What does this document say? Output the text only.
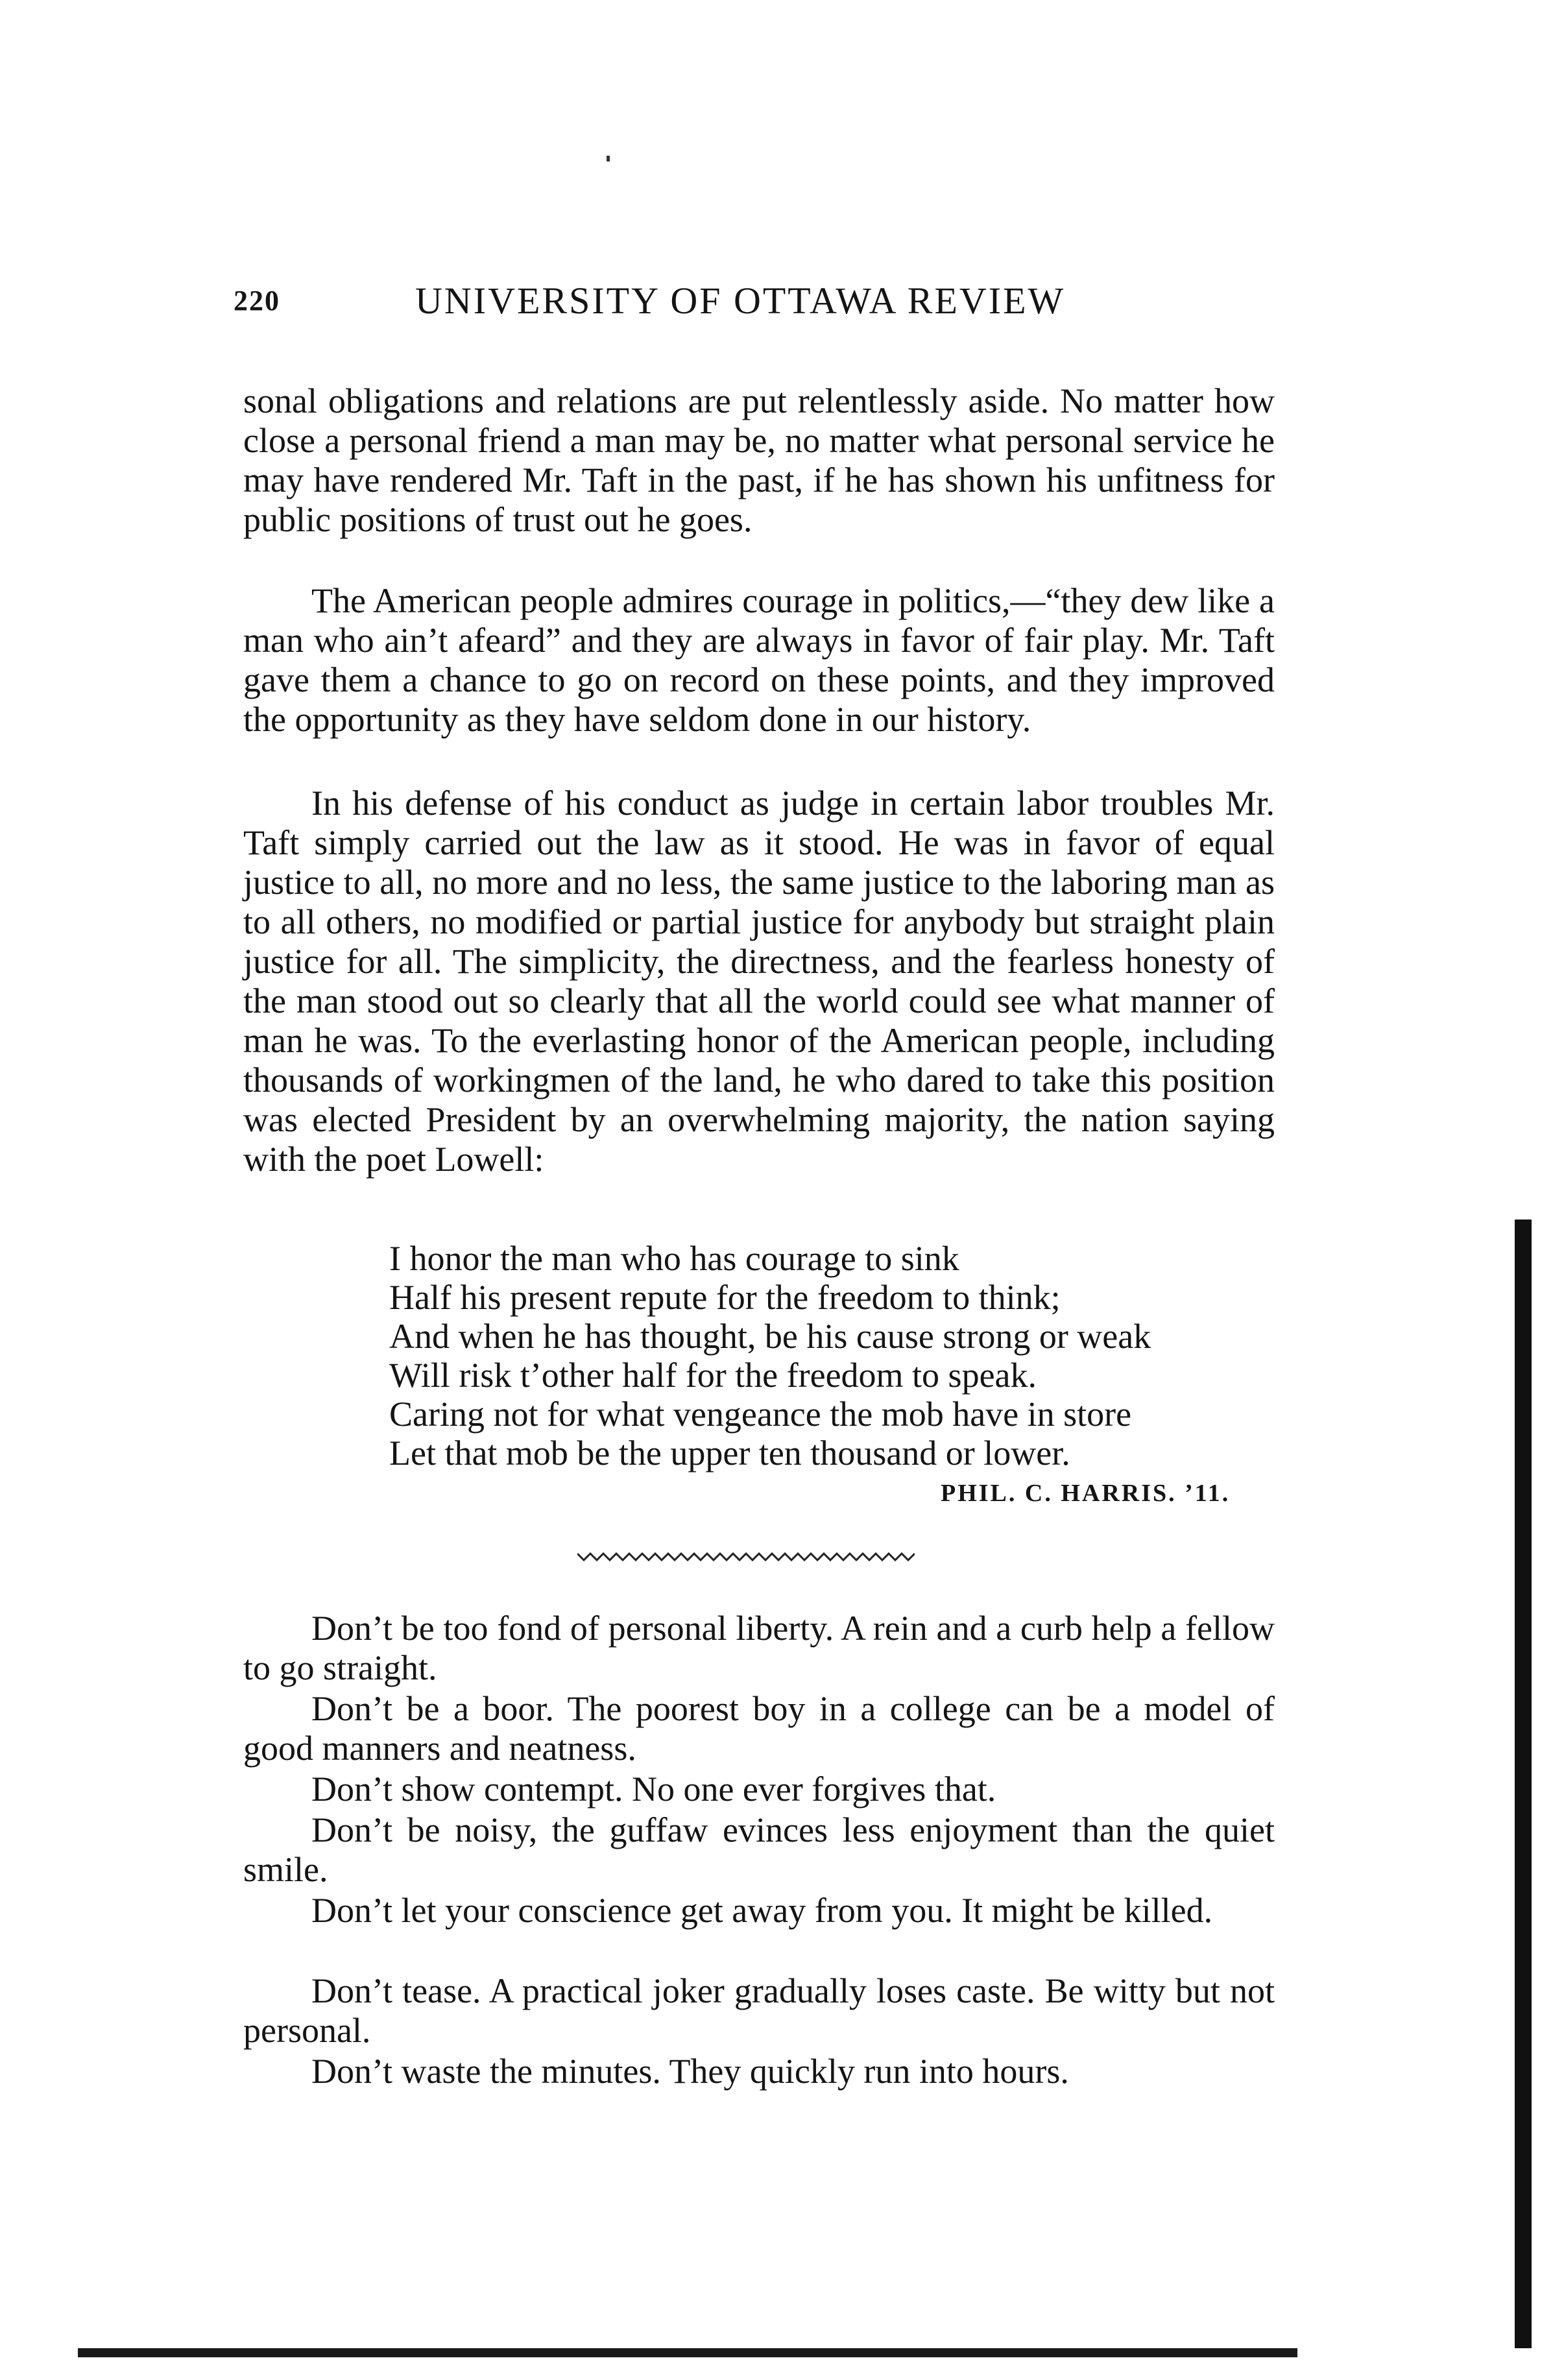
220	UNIVERSITY OF OTTAWA REVIEW

sonal obligations and relations are put relentlessly aside. No matter how close a personal friend a man may be, no matter what personal service he may have rendered Mr. Taft in the past, if he has shown his unfitness for public positions of trust out he goes.

The American people admires courage in politics,—“they dew like a man who ain’t afeard” and they are always in favor of fair play. Mr. Taft gave them a chance to go on record on these points, and they improved the opportunity as they have seldom done in our history.

In his defense of his conduct as judge in certain labor troubles Mr. Taft simply carried out the law as it stood. He was in favor of equal justice to all, no more and no less, the same justice to the laboring man as to all others, no modified or partial justice for anybody but straight plain justice for all. The simplicity, the directness, and the fearless honesty of the man stood out so clearly that all the world could see what manner of man he was. To the everlasting honor of the American people, including thousands of workingmen of the land, he who dared to take this position was elected President by an overwhelming majority, the nation saying with the poet Lowell:

I honor the man who has courage to sink
Half his present repute for the freedom to think;
And when he has thought, be his cause strong or weak
Will risk t’other half for the freedom to speak.
Caring not for what vengeance the mob have in store
Let that mob be the upper ten thousand or lower.
PHIL. C. HARRIS. ’11.

Don’t be too fond of personal liberty. A rein and a curb help a fellow to go straight.

Don’t be a boor. The poorest boy in a college can be a model of good manners and neatness.

Don’t show contempt. No one ever forgives that.

Don’t be noisy, the guffaw evinces less enjoyment than the quiet smile.

Don’t let your conscience get away from you. It might be killed.

Don’t tease. A practical joker gradually loses caste. Be witty but not personal.

Don’t waste the minutes. They quickly run into hours.
